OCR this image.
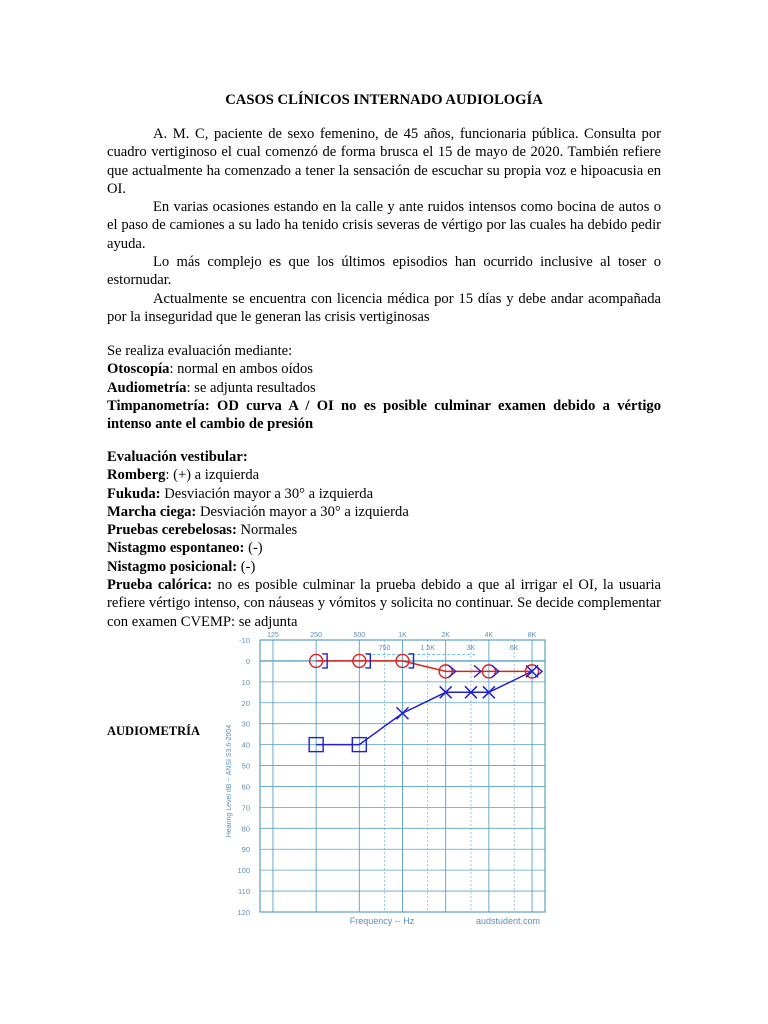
CASOS CLÍNICOS INTERNADO AUDIOLOGÍA

A. M. C, paciente de sexo femenino, de 45 años, funcionaria pública. Consulta por cuadro vertiginoso el cual comenzó de forma brusca el 15 de mayo de 2020. También refiere que actualmente ha comenzado a tener la sensación de escuchar su propia voz e hipoacusia en OI.

En varias ocasiones estando en la calle y ante ruidos intensos como bocina de autos o el paso de camiones a su lado ha tenido crisis severas de vértigo por las cuales ha debido pedir ayuda.

Lo más complejo es que los últimos episodios han ocurrido inclusive al toser o estornudar.

Actualmente se encuentra con licencia médica por 15 días y debe andar acompañada por la inseguridad que le generan las crisis vertiginosas

Se realiza evaluación mediante:

Otoscopía: normal en ambos oídos

Audiometría: se adjunta resultados

Timpanometría: OD curva A / OI no es posible culminar examen debido a vértigo intenso ante el cambio de presión

Evaluación vestibular:

Romberg: (+) a izquierda

Fukuda: Desviación mayor a 30° a izquierda

Marcha ciega: Desviación mayor a 30° a izquierda

Pruebas cerebelosas: Normales

Nistagmo espontaneo: (-)

Nistagmo posicional: (-)

Prueba calórica: no es posible culminar la prueba debido a que al irrigar el OI, la usuaria refiere vértigo intenso, con náuseas y vómitos y solicita no continuar. Se decide complementar con examen CVEMP: se adjunta

AUDIOMETRÍA
-10
0
10
20
30
40
50
60
70
80
90
100
110
120
125	250	500	1K	2K	4K	8K
750	1.5K	3K	6K
Hearing Level dB -- ANSI S3.6-2004
Frequency -- Hz	audstudent.com
